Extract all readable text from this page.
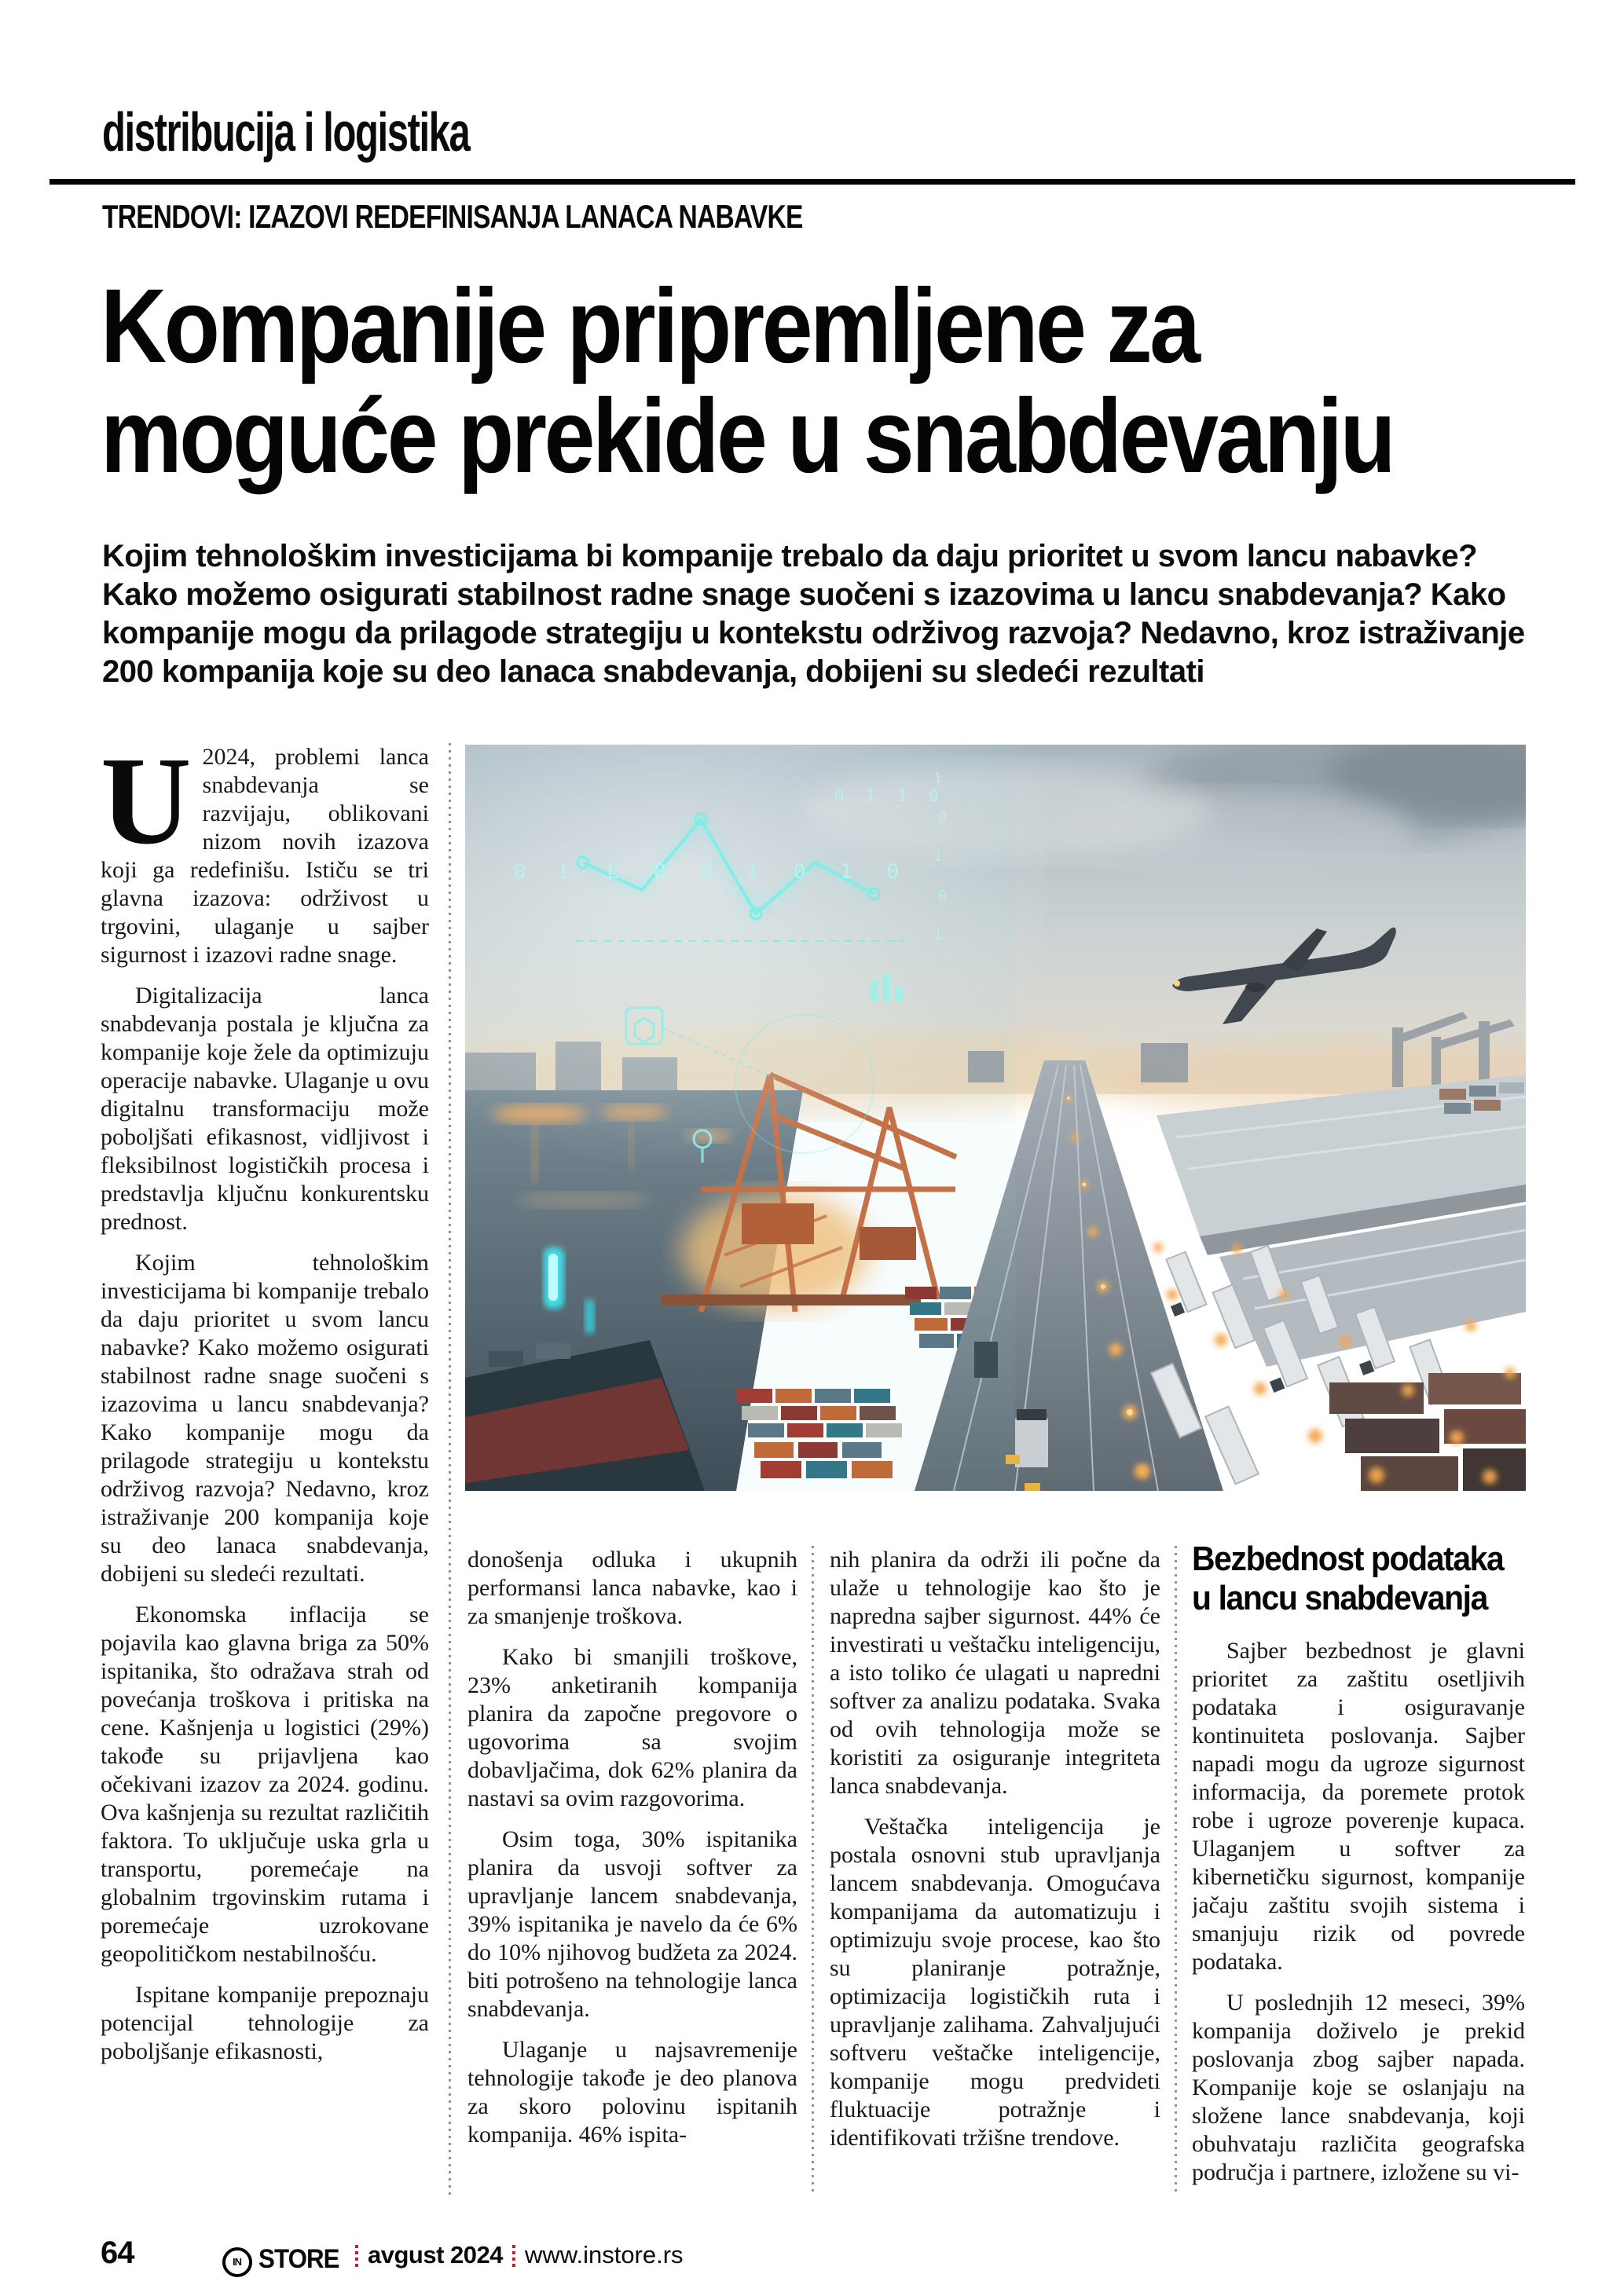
distribucija i logistika
TRENDOVI: IZAZOVI REDEFINISANJA LANACA NABAVKE
Kompanije pripremljene za
moguće prekide u snabdevanju
Kojim tehnološkim investicijama bi kompanije trebalo da daju prioritet u svom lancu nabavke? Kako možemo osigurati stabilnost radne snage suočeni s izazovima u lancu snabdevanja? Kako kompanije mogu da prilagode strategiju u kontekstu održivog razvoja? Nedavno, kroz istraživanje 200 kompanija koje su deo lanaca snabdevanja, dobijeni su sledeći rezultati

U 2024, problemi lanca snabdevanja se razvijaju, oblikovani nizom novih izazova koji ga redefinišu. Ističu se tri glavna izazova: održivost u trgovini, ulaganje u sajber sigurnost i izazovi radne snage.

Digitalizacija lanca snabdevanja postala je ključna za kompanije koje žele da optimizuju operacije nabavke. Ulaganje u ovu digitalnu transformaciju može poboljšati efikasnost, vidljivost i fleksibilnost logističkih procesa i predstavlja ključnu konkurentsku prednost.

Kojim tehnološkim investicijama bi kompanije trebalo da daju prioritet u svom lancu nabavke? Kako možemo osigurati stabilnost radne snage suočeni s izazovima u lancu snabdevanja? Kako kompanije mogu da prilagode strategiju u kontekstu održivog razvoja? Nedavno, kroz istraživanje 200 kompanija koje su deo lanaca snabdevanja, dobijeni su sledeći rezultati.

Ekonomska inflacija se pojavila kao glavna briga za 50% ispitanika, što odražava strah od povećanja troškova i pritiska na cene. Kašnjenja u logistici (29%) takođe su prijavljena kao očekivani izazov za 2024. godinu. Ova kašnjenja su rezultat različitih faktora. To uključuje uska grla u transportu, poremećaje na globalnim trgovinskim rutama i poremećaje uzrokovane geopolitičkom nestabilnošću.

Ispitane kompanije prepoznaju potencijal tehnologije za poboljšanje efikasnosti,

0 L E 8 0 1 0 1 0
0 1 1 0
1
0
1
0
1

donošenja odluka i ukupnih performansi lanca nabavke, kao i za smanjenje troškova.

Kako bi smanjili troškove, 23% anketiranih kompanija planira da započne pregovore o ugovorima sa svojim dobavljačima, dok 62% planira da nastavi sa ovim razgovorima.

Osim toga, 30% ispitanika planira da usvoji softver za upravljanje lancem snabdevanja, 39% ispitanika je navelo da će 6% do 10% njihovog budžeta za 2024. biti potrošeno na tehnologije lanca snabdevanja.

Ulaganje u najsavremenije tehnologije takođe je deo planova za skoro polovinu ispitanih kompanija. 46% ispita-

nih planira da održi ili počne da ulaže u tehnologije kao što je napredna sajber sigurnost. 44% će investirati u veštačku inteligenciju, a isto toliko će ulagati u napredni softver za analizu podataka. Svaka od ovih tehnologija može se koristiti za osiguranje integriteta lanca snabdevanja.

Veštačka inteligencija je postala osnovni stub upravljanja lancem snabdevanja. Omogućava kompanijama da automatizuju i optimizuju svoje procese, kao što su planiranje potražnje, optimizacija logističkih ruta i upravljanje zalihama. Zahvaljujući softveru veštačke inteligencije, kompanije mogu predvideti fluktuacije potražnje i identifikovati tržišne trendove.

Bezbednost podataka u lancu snabdevanja

Sajber bezbednost je glavni prioritet za zaštitu osetljivih podataka i osiguravanje kontinuiteta poslovanja. Sajber napadi mogu da ugroze sigurnost informacija, da poremete protok robe i ugroze poverenje kupaca. Ulaganjem u softver za kibernetičku sigurnost, kompanije jačaju zaštitu svojih sistema i smanjuju rizik od povrede podataka.

U poslednjih 12 meseci, 39% kompanija doživelo je prekid poslovanja zbog sajber napada. Kompanije koje se oslanjaju na složene lance snabdevanja, koji obuhvataju različita geografska područja i partnere, izložene su vi-

64	IN STORE avgust 2024 www.instore.rs
